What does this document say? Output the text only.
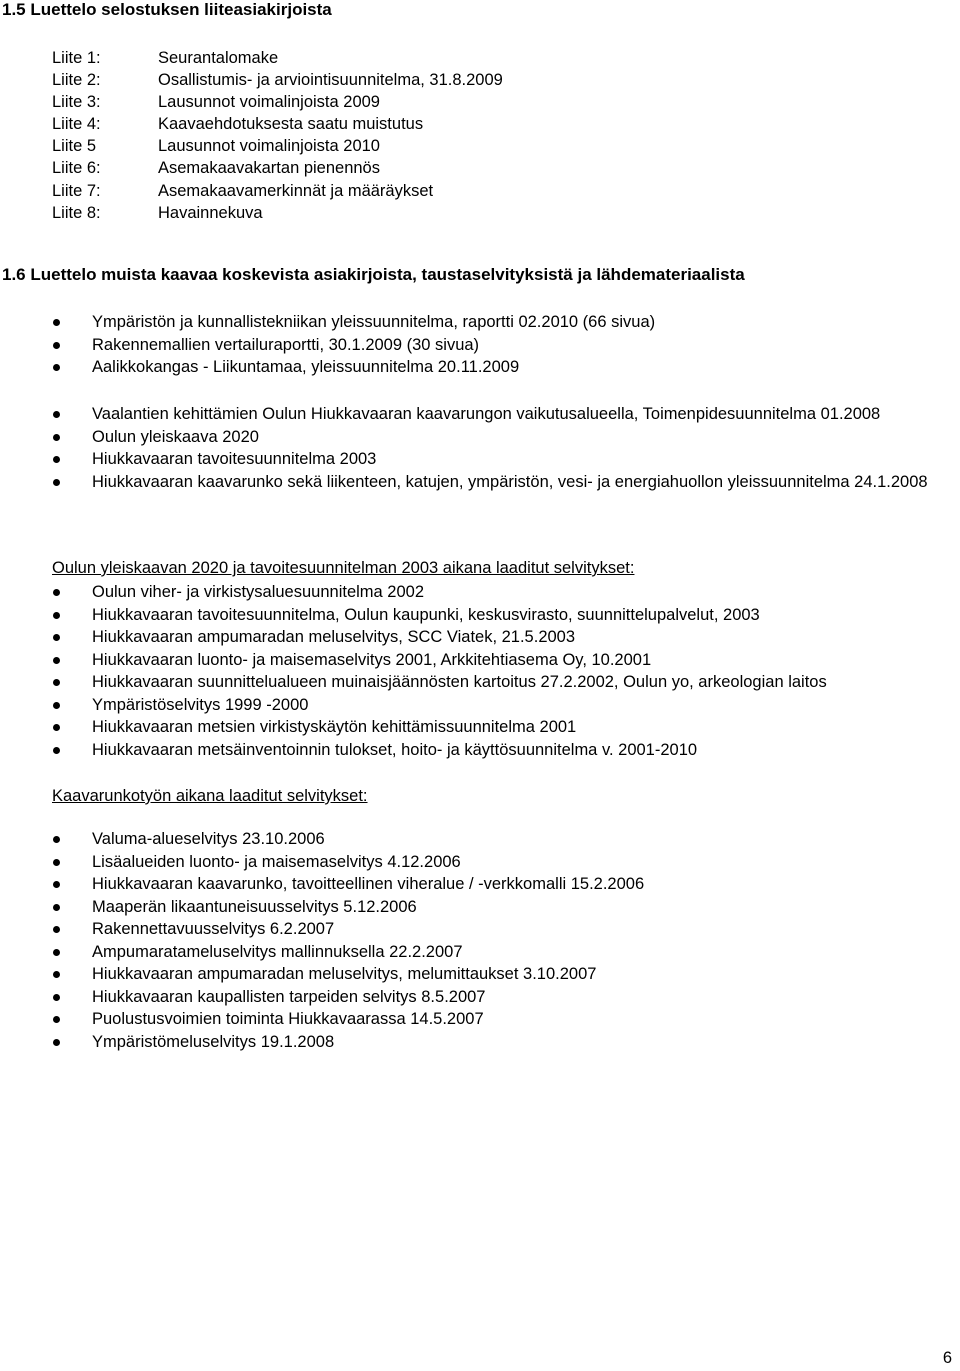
1.5 Luettelo selostuksen liiteasiakirjoista
Liite 1:	Seurantalomake
Liite 2:	Osallistumis- ja arviointisuunnitelma, 31.8.2009
Liite 3:	Lausunnot voimalinjoista 2009
Liite 4:	Kaavaehdotuksesta saatu muistutus
Liite 5	Lausunnot voimalinjoista 2010
Liite 6:	Asemakaavakartan pienennös
Liite 7:	Asemakaavamerkinnät ja määräykset
Liite 8:	Havainnekuva
1.6 Luettelo muista kaavaa koskevista asiakirjoista, taustaselvityksistä ja lähdemateriaalista
Ympäristön ja kunnallistekniikan yleissuunnitelma, raportti 02.2010 (66 sivua)
Rakennemallien vertailuraportti, 30.1.2009 (30 sivua)
Aalikkokangas - Liikuntamaa, yleissuunnitelma 20.11.2009
Vaalantien kehittämien Oulun Hiukkavaaran kaavarungon vaikutusalueella, Toimenpidesuunnitelma 01.2008
Oulun yleiskaava 2020
Hiukkavaaran tavoitesuunnitelma 2003
Hiukkavaaran kaavarunko sekä liikenteen, katujen, ympäristön, vesi- ja energiahuollon yleissuunnitelma 24.1.2008

Oulun yleiskaavan 2020 ja tavoitesuunnitelman 2003 aikana laaditut selvitykset:

Oulun viher- ja virkistysaluesuunnitelma 2002
Hiukkavaaran tavoitesuunnitelma, Oulun kaupunki, keskusvirasto, suunnittelupalvelut, 2003
Hiukkavaaran ampumaradan meluselvitys, SCC Viatek, 21.5.2003
Hiukkavaaran luonto- ja maisemaselvitys 2001, Arkkitehtiasema Oy, 10.2001
Hiukkavaaran suunnittelualueen muinaisjäännösten kartoitus 27.2.2002, Oulun yo, arkeologian laitos
Ympäristöselvitys 1999 -2000
Hiukkavaaran metsien virkistyskäytön kehittämissuunnitelma 2001
Hiukkavaaran metsäinventoinnin tulokset, hoito- ja käyttösuunnitelma v. 2001-2010

Kaavarunkotyön aikana laaditut selvitykset:

Valuma-alueselvitys 23.10.2006
Lisäalueiden luonto- ja maisemaselvitys 4.12.2006
Hiukkavaaran kaavarunko, tavoitteellinen viheralue / -verkkomalli 15.2.2006
Maaperän likaantuneisuusselvitys 5.12.2006
Rakennettavuusselvitys 6.2.2007
Ampumaratameluselvitys mallinnuksella 22.2.2007
Hiukkavaaran ampumaradan meluselvitys, melumittaukset 3.10.2007
Hiukkavaaran kaupallisten tarpeiden selvitys 8.5.2007
Puolustusvoimien toiminta Hiukkavaarassa 14.5.2007
Ympäristömeluselvitys 19.1.2008
6
